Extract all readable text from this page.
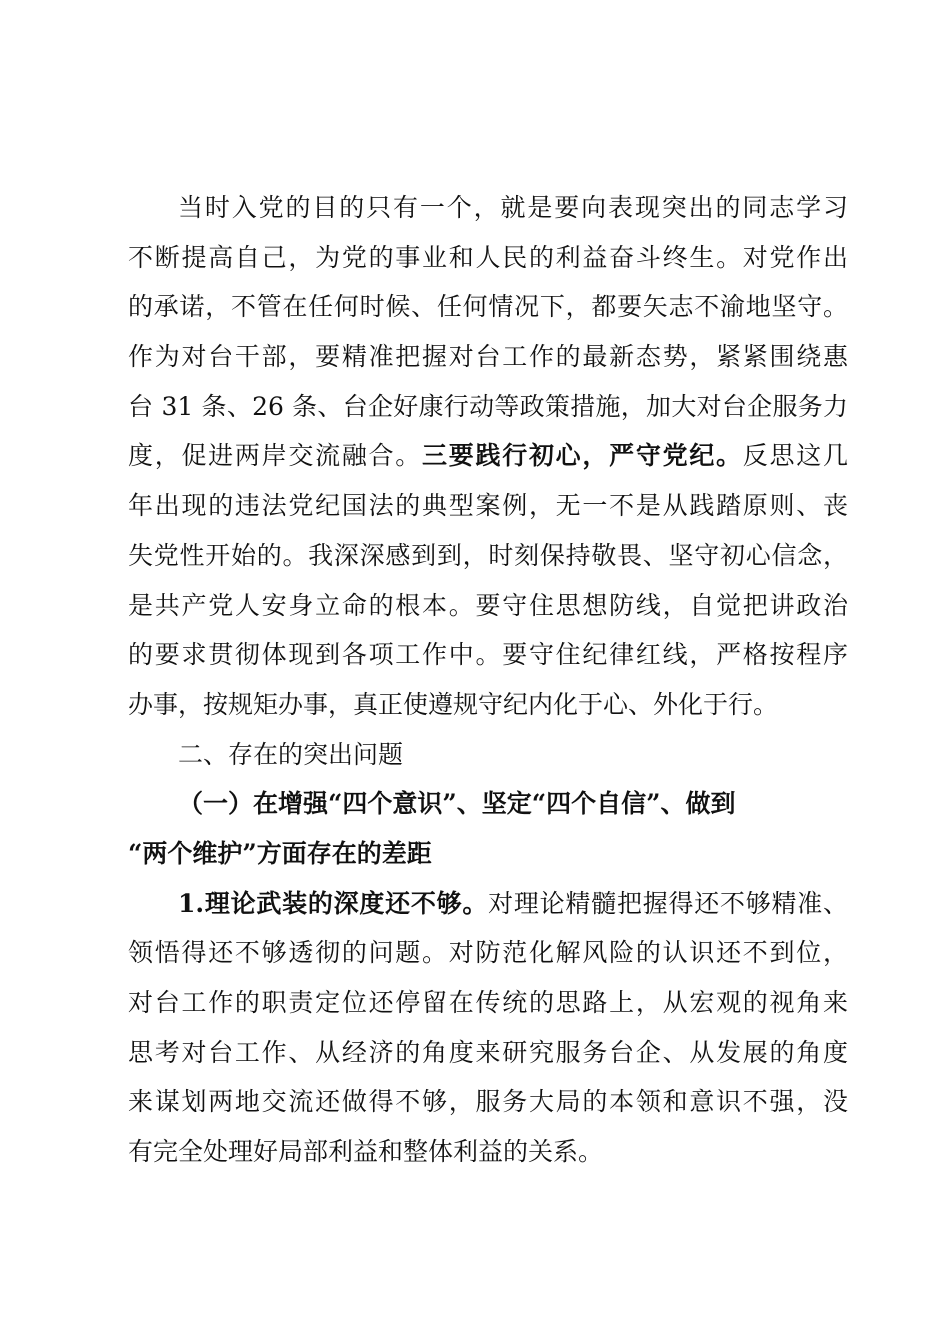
当时入党的目的只有一个，就是要向表现突出的同志学习
不断提高自己，为党的事业和人民的利益奋斗终生。对党作出
的承诺，不管在任何时候、任何情况下，都要矢志不渝地坚守。
作为对台干部，要精准把握对台工作的最新态势，紧紧围绕惠
台 31 条、26 条、台企好康行动等政策措施，加大对台企服务力
度，促进两岸交流融合。三要践行初心，严守党纪。反思这几
年出现的违法党纪国法的典型案例，无一不是从践踏原则、丧
失党性开始的。我深深感到到，时刻保持敬畏、坚守初心信念，
是共产党人安身立命的根本。要守住思想防线，自觉把讲政治
的要求贯彻体现到各项工作中。要守住纪律红线，严格按程序
办事，按规矩办事，真正使遵规守纪内化于心、外化于行。
二、存在的突出问题
（一）在增强“四个意识”、坚定“四个自信”、做到
“两个维护”方面存在的差距
1.理论武装的深度还不够。对理论精髓把握得还不够精准、
领悟得还不够透彻的问题。对防范化解风险的认识还不到位，
对台工作的职责定位还停留在传统的思路上，从宏观的视角来
思考对台工作、从经济的角度来研究服务台企、从发展的角度
来谋划两地交流还做得不够，服务大局的本领和意识不强，没
有完全处理好局部利益和整体利益的关系。
